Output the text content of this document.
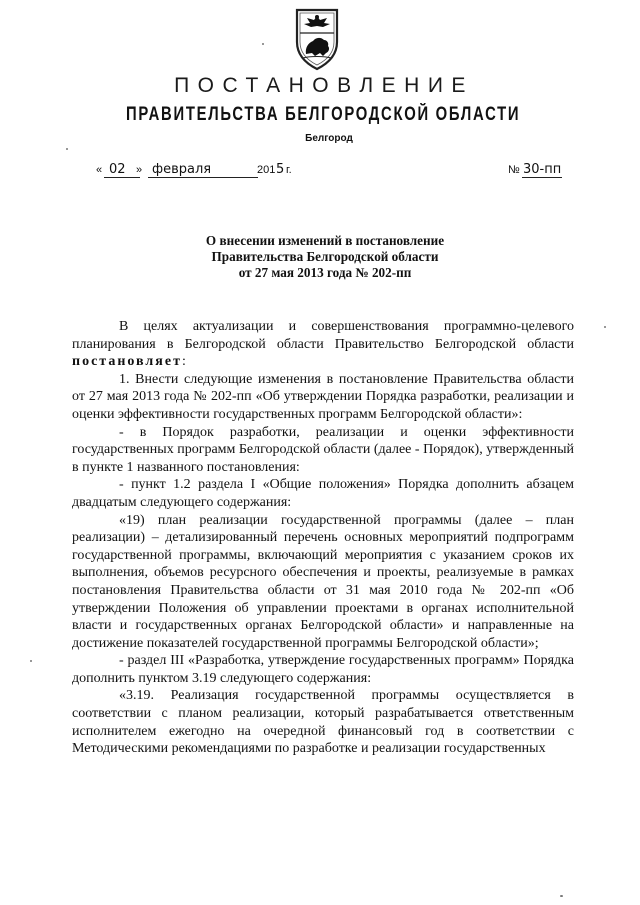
ПОСТАНОВЛЕНИЕ
ПРАВИТЕЛЬСТВА БЕЛГОРОДСКОЙ ОБЛАСТИ
Белгород
« 02 » февраля	201 5 г.	№ 30-пп
О внесении изменений в постановление
Правительства Белгородской области
от 27 мая 2013 года № 202-пп

В целях актуализации и совершенствования программно-целевого планирования в Белгородской области Правительство Белгородской области постановляет:

1. Внести следующие изменения в постановление Правительства области от 27 мая 2013 года № 202-пп «Об утверждении Порядка разработки, реализации и оценки эффективности государственных программ Белгородской области»:

- в Порядок разработки, реализации и оценки эффективности государственных программ Белгородской области (далее - Порядок), утвержденный в пункте 1 названного постановления:

- пункт 1.2 раздела I «Общие положения» Порядка дополнить абзацем двадцатым следующего содержания:

«19) план реализации государственной программы (далее – план реализации) – детализированный перечень основных мероприятий подпрограмм государственной программы, включающий мероприятия с указанием сроков их выполнения, объемов ресурсного обеспечения и проекты, реализуемые в рамках постановления Правительства области от 31 мая 2010 года № 202-пп «Об утверждении Положения об управлении проектами в органах исполнительной власти и государственных органах Белгородской области» и направленные на достижение показателей государственной программы Белгородской области»;

- раздел III «Разработка, утверждение государственных программ» Порядка дополнить пунктом 3.19 следующего содержания:

«3.19. Реализация государственной программы осуществляется в соответствии с планом реализации, который разрабатывается ответственным исполнителем ежегодно на очередной финансовый год в соответствии с Методическими рекомендациями по разработке и реализации государственных
